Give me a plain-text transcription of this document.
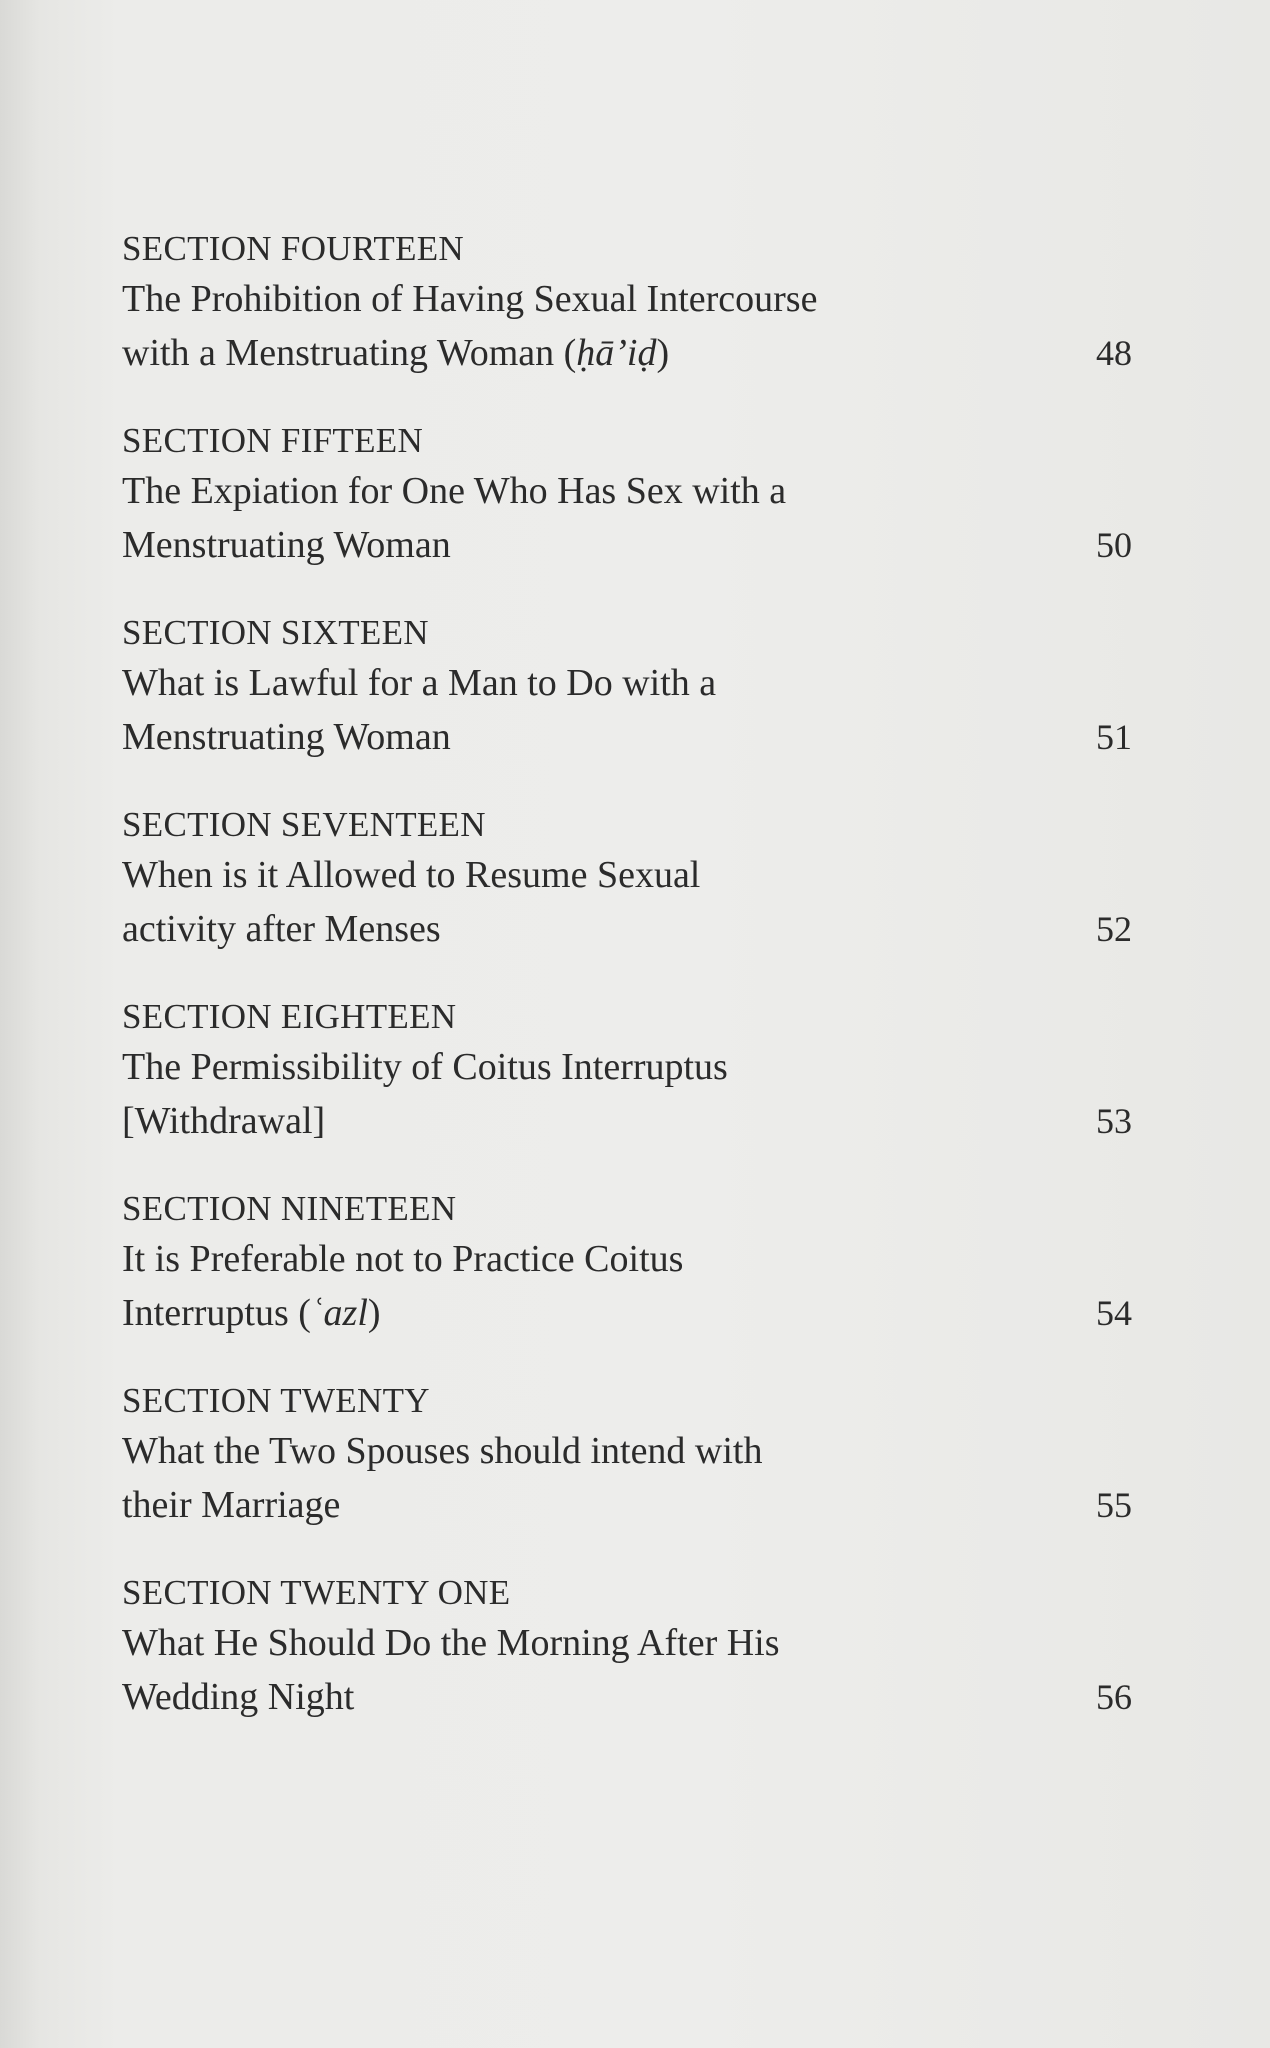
SECTION FOURTEEN
The Prohibition of Having Sexual Intercourse
with a Menstruating Woman (ḥā’iḍ)	48
SECTION FIFTEEN
The Expiation for One Who Has Sex with a
Menstruating Woman	50
SECTION SIXTEEN
What is Lawful for a Man to Do with a
Menstruating Woman	51
SECTION SEVENTEEN
When is it Allowed to Resume Sexual
activity after Menses	52
SECTION EIGHTEEN
The Permissibility of Coitus Interruptus
[Withdrawal]	53
SECTION NINETEEN
It is Preferable not to Practice Coitus
Interruptus (ʿazl)	54
SECTION TWENTY
What the Two Spouses should intend with
their Marriage	55
SECTION TWENTY ONE
What He Should Do the Morning After His
Wedding Night	56
